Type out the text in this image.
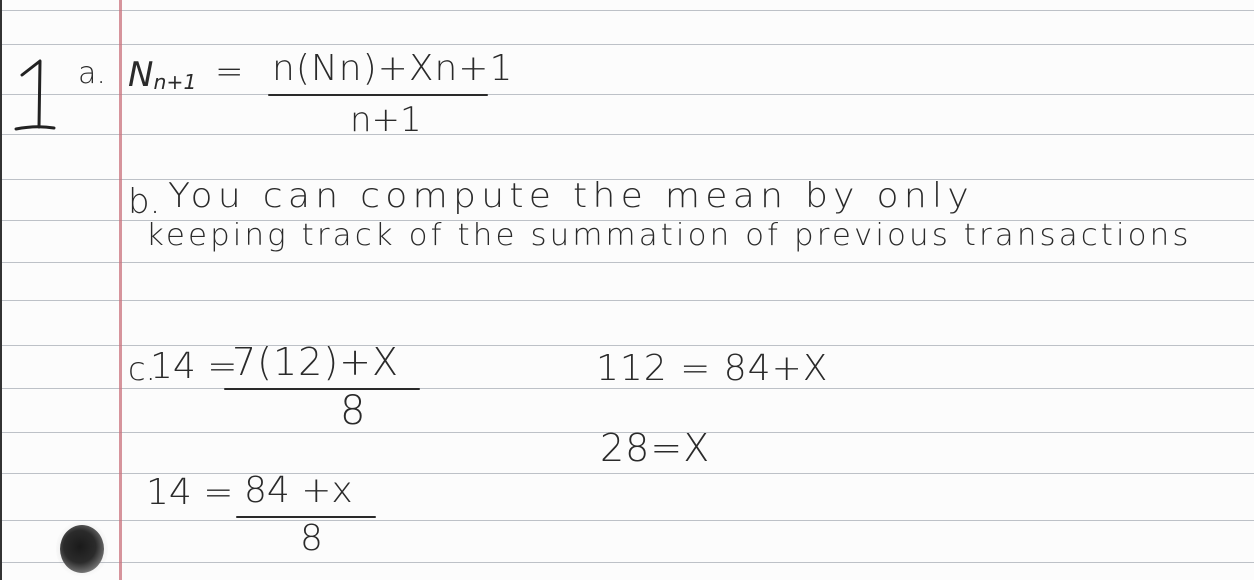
a. Nn+1 = n(Nn)+Xn+1
n+1
b. You can compute the mean by only
keeping track of the summation of previous transactions
c.
14 =
7(12)+X
8
112 = 84+X
28=X
14 = 84 +x
8
